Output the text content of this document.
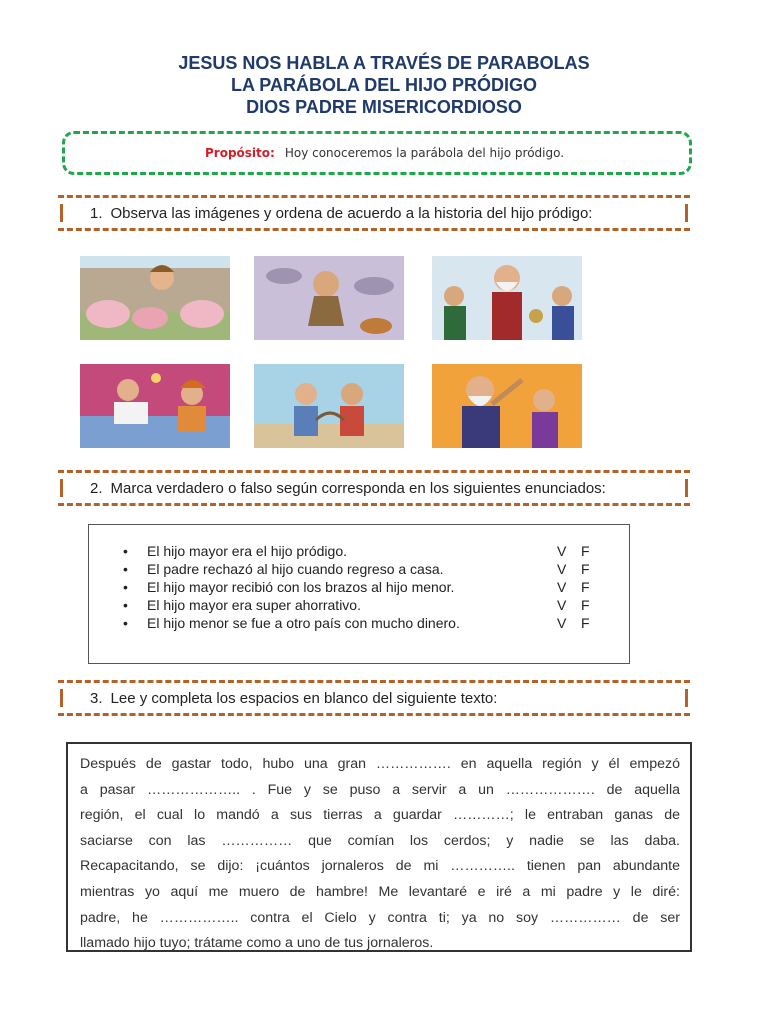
JESUS NOS HABLA A TRAVÉS DE PARABOLAS
LA PARÁBOLA DEL HIJO PRÓDIGO
DIOS PADRE MISERICORDIOSO
Propósito: Hoy conoceremos la parábola del hijo pródigo.
1. Observa las imágenes y ordena de acuerdo a la historia del hijo pródigo:
2. Marca verdadero o falso según corresponda en los siguientes enunciados:
• El hijo mayor era el hijo pródigo.	V F
• El padre rechazó al hijo cuando regreso a casa.	V F
• El hijo mayor recibió con los brazos al hijo menor.	V F
• El hijo mayor era super ahorrativo.	V F
• El hijo menor se fue a otro país con mucho dinero.	V F
3. Lee y completa los espacios en blanco del siguiente texto:
Después de gastar todo, hubo una gran ……………. en aquella región y él empezó
a pasar ……………….. . Fue y se puso a servir a un ………………. de aquella
región, el cual lo mandó a sus tierras a guardar …………; le entraban ganas de
saciarse con las …………… que comían los cerdos; y nadie se las daba.
Recapacitando, se dijo: ¡cuántos jornaleros de mi ………….. tienen pan abundante
mientras yo aquí me muero de hambre! Me levantaré e iré a mi padre y le diré:
padre, he …………….. contra el Cielo y contra ti; ya no soy …………… de ser
llamado hijo tuyo; trátame como a uno de tus jornaleros.
